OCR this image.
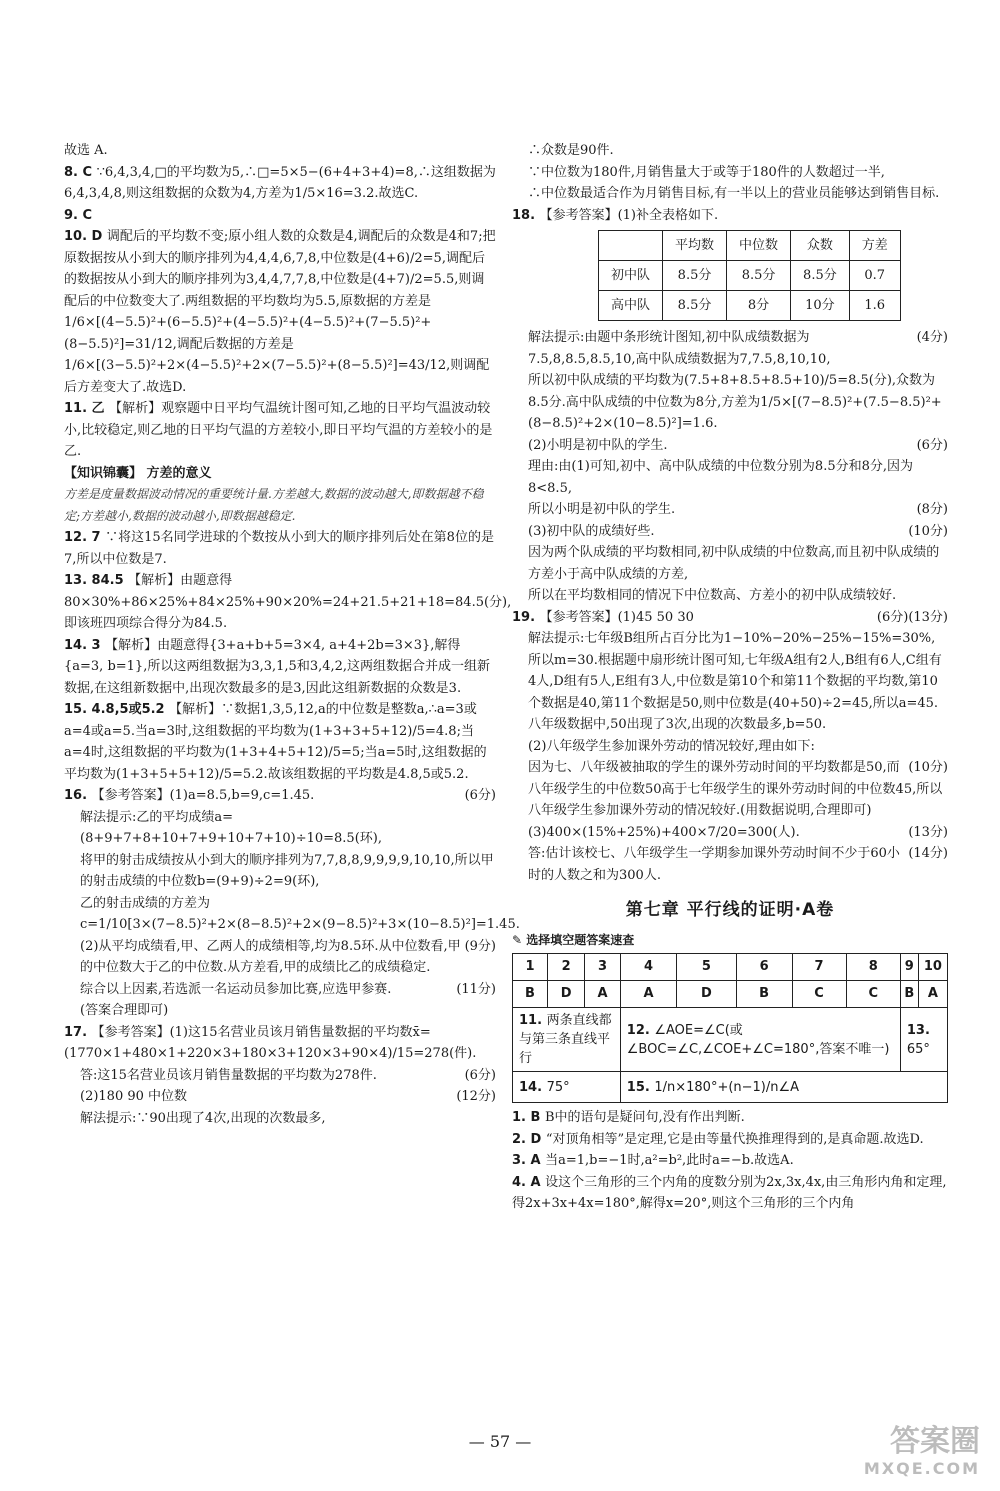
故选 A.

8. C ∵6,4,3,4,□的平均数为5,∴□=5×5−(6+4+3+4)=8,∴这组数据为6,4,3,4,8,则这组数据的众数为4,方差为1/5×16=3.2.故选C.

9. C

10. D 调配后的平均数不变;原小组人数的众数是4,调配后的众数是4和7;把原数据按从小到大的顺序排列为4,4,4,6,7,8,中位数是(4+6)/2=5,调配后的数据按从小到大的顺序排列为3,4,4,7,7,8,中位数是(4+7)/2=5.5,则调配后的中位数变大了.两组数据的平均数均为5.5,原数据的方差是1/6×[(4−5.5)²+(6−5.5)²+(4−5.5)²+(4−5.5)²+(7−5.5)²+(8−5.5)²]=31/12,调配后数据的方差是1/6×[(3−5.5)²+2×(4−5.5)²+2×(7−5.5)²+(8−5.5)²]=43/12,则调配后方差变大了.故选D.

11. 乙 【解析】观察题中日平均气温统计图可知,乙地的日平均气温波动较小,比较稳定,则乙地的日平均气温的方差较小,即日平均气温的方差较小的是乙.

【知识锦囊】 方差的意义

方差是度量数据波动情况的重要统计量.方差越大,数据的波动越大,即数据越不稳定;方差越小,数据的波动越小,即数据越稳定.

12. 7 ∵将这15名同学进球的个数按从小到大的顺序排列后处在第8位的是7,所以中位数是7.

13. 84.5 【解析】由题意得80×30%+86×25%+84×25%+90×20%=24+21.5+21+18=84.5(分),即该班四项综合得分为84.5.

14. 3 【解析】由题意得{3+a+b+5=3×4, a+4+2b=3×3},解得{a=3, b=1},所以这两组数据为3,3,1,5和3,4,2,这两组数据合并成一组新数据,在这组新数据中,出现次数最多的是3,因此这组新数据的众数是3.

15. 4.8,5或5.2 【解析】∵数据1,3,5,12,a的中位数是整数a,∴a=3或a=4或a=5.当a=3时,这组数据的平均数为(1+3+3+5+12)/5=4.8;当a=4时,这组数据的平均数为(1+3+4+5+12)/5=5;当a=5时,这组数据的平均数为(1+3+5+5+12)/5=5.2.故该组数据的平均数是4.8,5或5.2.

(6分)
16. 【参考答案】(1)a=8.5,b=9,c=1.45.

解法提示:乙的平均成绩a=(8+9+7+8+10+7+9+10+7+10)÷10=8.5(环),

将甲的射击成绩按从小到大的顺序排列为7,7,8,8,9,9,9,9,10,10,所以甲的射击成绩的中位数b=(9+9)÷2=9(环),

乙的射击成绩的方差为c=1/10[3×(7−8.5)²+2×(8−8.5)²+2×(9−8.5)²+3×(10−8.5)²]=1.45.

(9分)
(2)从平均成绩看,甲、乙两人的成绩相等,均为8.5环.从中位数看,甲的中位数大于乙的中位数.从方差看,甲的成绩比乙的成绩稳定.

(11分)
综合以上因素,若选派一名运动员参加比赛,应选甲参赛.

(答案合理即可)

17. 【参考答案】(1)这15名营业员该月销售量数据的平均数x̄=(1770×1+480×1+220×3+180×3+120×3+90×4)/15=278(件).

(6分)
答:这15名营业员该月销售量数据的平均数为278件.

(12分)
(2)180 90 中位数

解法提示:∵90出现了4次,出现的次数最多,

∴众数是90件.

∵中位数为180件,月销售量大于或等于180件的人数超过一半,

∴中位数最适合作为月销售目标,有一半以上的营业员能够达到销售目标.

18. 【参考答案】(1)补全表格如下.

	平均数	中位数	众数	方差
初中队	8.5分	8.5分	8.5分	0.7
高中队	8.5分	8分	10分	1.6

(4分)

解法提示:由题中条形统计图知,初中队成绩数据为7.5,8,8.5,8.5,10,高中队成绩数据为7,7.5,8,10,10,

所以初中队成绩的平均数为(7.5+8+8.5+8.5+10)/5=8.5(分),众数为8.5分.高中队成绩的中位数为8分,方差为1/5×[(7−8.5)²+(7.5−8.5)²+(8−8.5)²+2×(10−8.5)²]=1.6.

(6分)
(2)小明是初中队的学生.

理由:由(1)可知,初中、高中队成绩的中位数分别为8.5分和8分,因为8<8.5,

(8分)
所以小明是初中队的学生.

(10分)
(3)初中队的成绩好些.

因为两个队成绩的平均数相同,初中队成绩的中位数高,而且初中队成绩的方差小于高中队成绩的方差,

所以在平均数相同的情况下中位数高、方差小的初中队成绩较好.

(13分)

(6分)
19. 【参考答案】(1)45 50 30

解法提示:七年级B组所占百分比为1−10%−20%−25%−15%=30%,所以m=30.根据题中扇形统计图可知,七年级A组有2人,B组有6人,C组有4人,D组有5人,E组有3人,中位数是第10个和第11个数据的平均数,第10个数据是40,第11个数据是50,则中位数是(40+50)÷2=45,所以a=45.八年级数据中,50出现了3次,出现的次数最多,b=50.

(2)八年级学生参加课外劳动的情况较好,理由如下:

(10分)
因为七、八年级被抽取的学生的课外劳动时间的平均数都是50,而八年级学生的中位数50高于七年级学生的课外劳动时间的中位数45,所以八年级学生参加课外劳动的情况较好.(用数据说明,合理即可)

(13分)
(3)400×(15%+25%)+400×7/20=300(人).

(14分)
答:估计该校七、八年级学生一学期参加课外劳动时间不少于60小时的人数之和为300人.

第七章 平行线的证明·A卷
✎ 选择填空题答案速查
1	2	3	4	5	6	7	8	9	10
B	D	A	A	D	B	C	C	B	A
11. 两条直线都与第三条直线平行			12. ∠AOE=∠C(或∠BOC=∠C,∠COE+∠C=180°,答案不唯一)					13. 65°	
14. 75°			15. 1/n×180°+(n−1)/n∠A						

1. B B中的语句是疑问句,没有作出判断.

2. D “对顶角相等”是定理,它是由等量代换推理得到的,是真命题.故选D.

3. A 当a=1,b=−1时,a²=b²,此时a=−b.故选A.

4. A 设这个三角形的三个内角的度数分别为2x,3x,4x,由三角形内角和定理,得2x+3x+4x=180°,解得x=20°,则这个三角形的三个内角

— 57 —	答案圈
MXQE.COM
